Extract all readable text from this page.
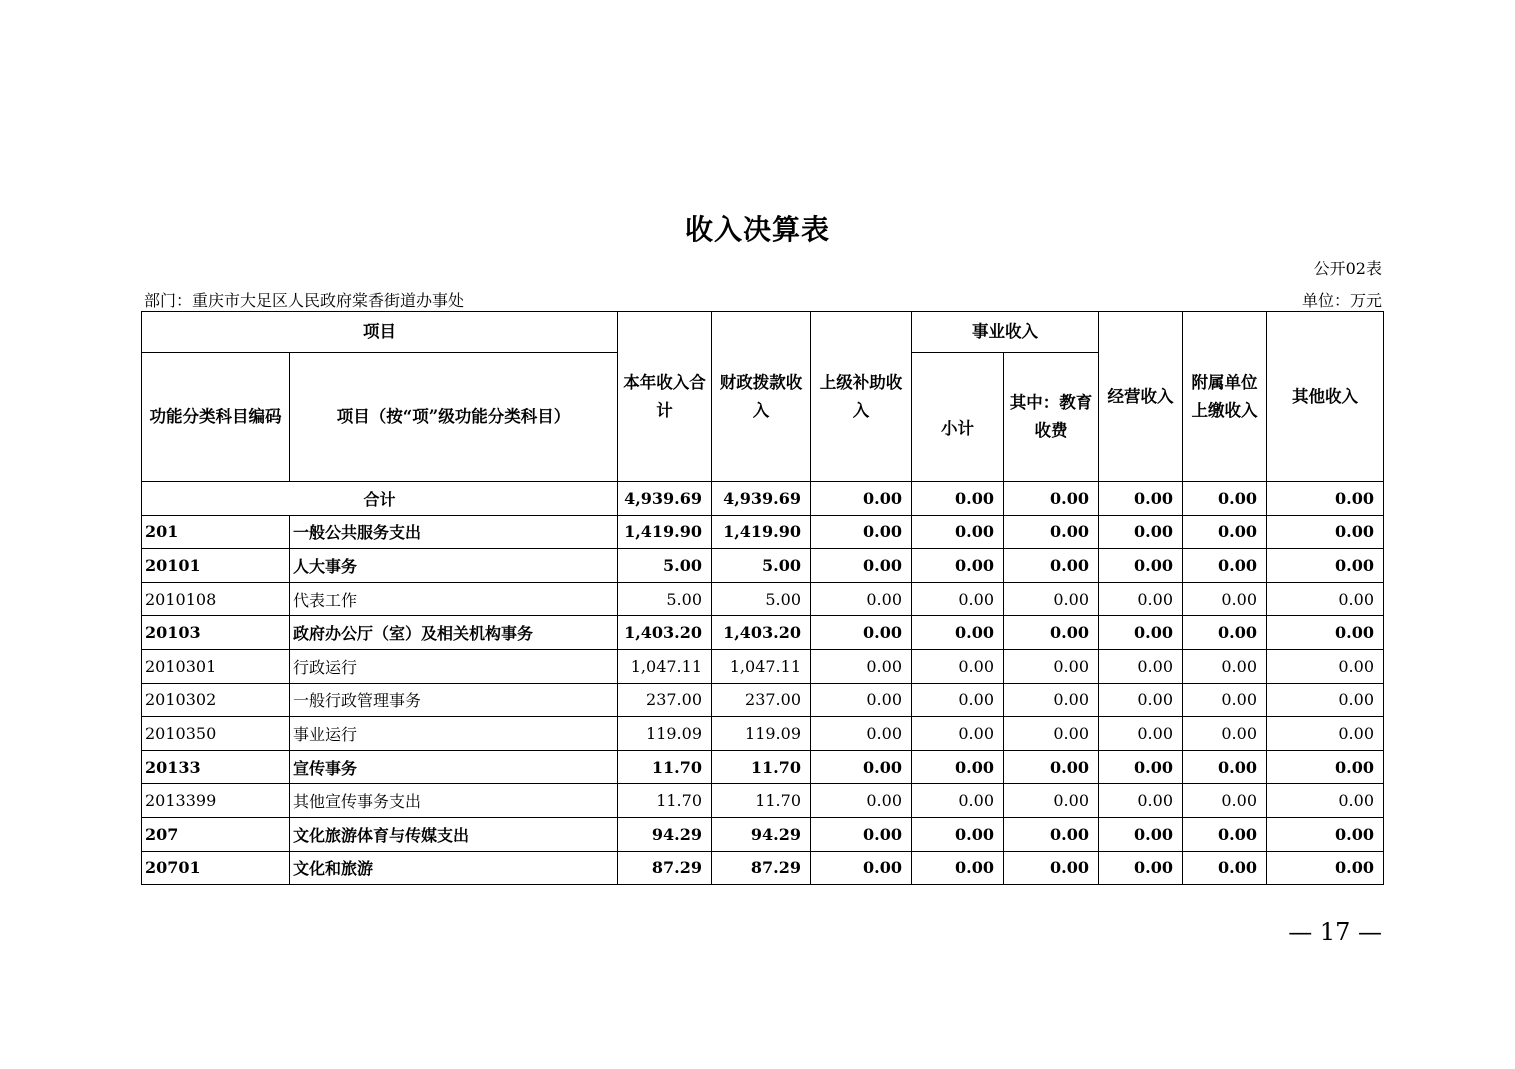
收入决算表
公开02表
部门：重庆市大足区人民政府棠香街道办事处	单位：万元
项目		本年收入合计	财政拨款收入	上级补助收入	事业收入		经营收入	附属单位上缴收入	其他收入
功能分类科目编码	项目（按“项”级功能分类科目）				小计	其中：教育收费			
合计		4,939.69	4,939.69	0.00	0.00	0.00	0.00	0.00	0.00
201	一般公共服务支出	1,419.90	1,419.90	0.00	0.00	0.00	0.00	0.00	0.00
20101	人大事务	5.00	5.00	0.00	0.00	0.00	0.00	0.00	0.00
2010108	代表工作	5.00	5.00	0.00	0.00	0.00	0.00	0.00	0.00
20103	政府办公厅（室）及相关机构事务	1,403.20	1,403.20	0.00	0.00	0.00	0.00	0.00	0.00
2010301	行政运行	1,047.11	1,047.11	0.00	0.00	0.00	0.00	0.00	0.00
2010302	一般行政管理事务	237.00	237.00	0.00	0.00	0.00	0.00	0.00	0.00
2010350	事业运行	119.09	119.09	0.00	0.00	0.00	0.00	0.00	0.00
20133	宣传事务	11.70	11.70	0.00	0.00	0.00	0.00	0.00	0.00
2013399	其他宣传事务支出	11.70	11.70	0.00	0.00	0.00	0.00	0.00	0.00
207	文化旅游体育与传媒支出	94.29	94.29	0.00	0.00	0.00	0.00	0.00	0.00
20701	文化和旅游	87.29	87.29	0.00	0.00	0.00	0.00	0.00	0.00
— 17 —
